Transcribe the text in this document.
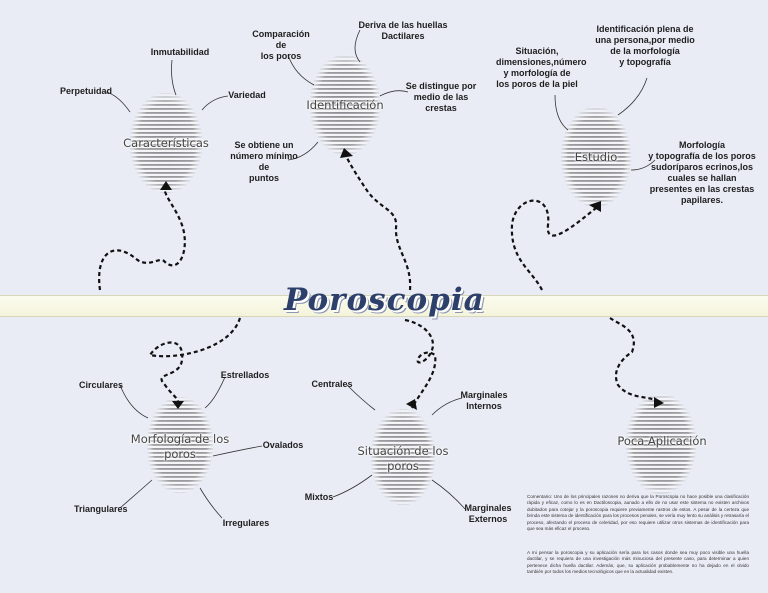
Poroscopia
Características
Perpetuidad
Inmutabilidad
Variedad
Identificación
Comparación de
los poros
Deriva de las huellas
Dactilares
Se distingue por
medio de las
crestas
Se obtiene un
número mínimo de
puntos
Estudio
Situación,
dimensiones,número
y morfología de
los poros de la piel
Identificación plena de
una persona,por medio
de la morfología
y topografía
Morfología
y topografía de los poros
sudoríparos ecrinos,los
cuales se hallan
presentes en las crestas
papilares.
Morfología de los
poros
Circulares
Estrellados
Ovalados
Triangulares
Irregulares
Situación de los
poros
Centrales
Marginales
Internos
Mixtos
Marginales
Externos
Poca Aplicación
Comentario: Uno de los principales razones no deriva que la Poroscopia no hace posible una clasificación rápida y eficaz, como lo es en Dactiloscopia, aunado a ello de no usar este sistema no existen archivos dubitados para cotejar y la poroscopia requiere previamente rastros de estos. A pesar de la certeza que brinda este sistema de identificación para los procesos penales, se vería muy lento su análisis y retrasaría el proceso, afectando el proceso de celeridad, por eso requiere utilizar otros sistemas de identificación para que sea más eficaz el proceso.
A mi pensar la poroscopia y su aplicación sería para los casos donde sea muy poco visible una huella dactilar, y se requiera de una investigación más minuciosa del presente caso, para determinar a quien pertenece dicha huella dactilar. Además, que, su aplicación probablemente no ha dejado en el olvido también por todos los medios tecnológicos que en la actualidad existen.
